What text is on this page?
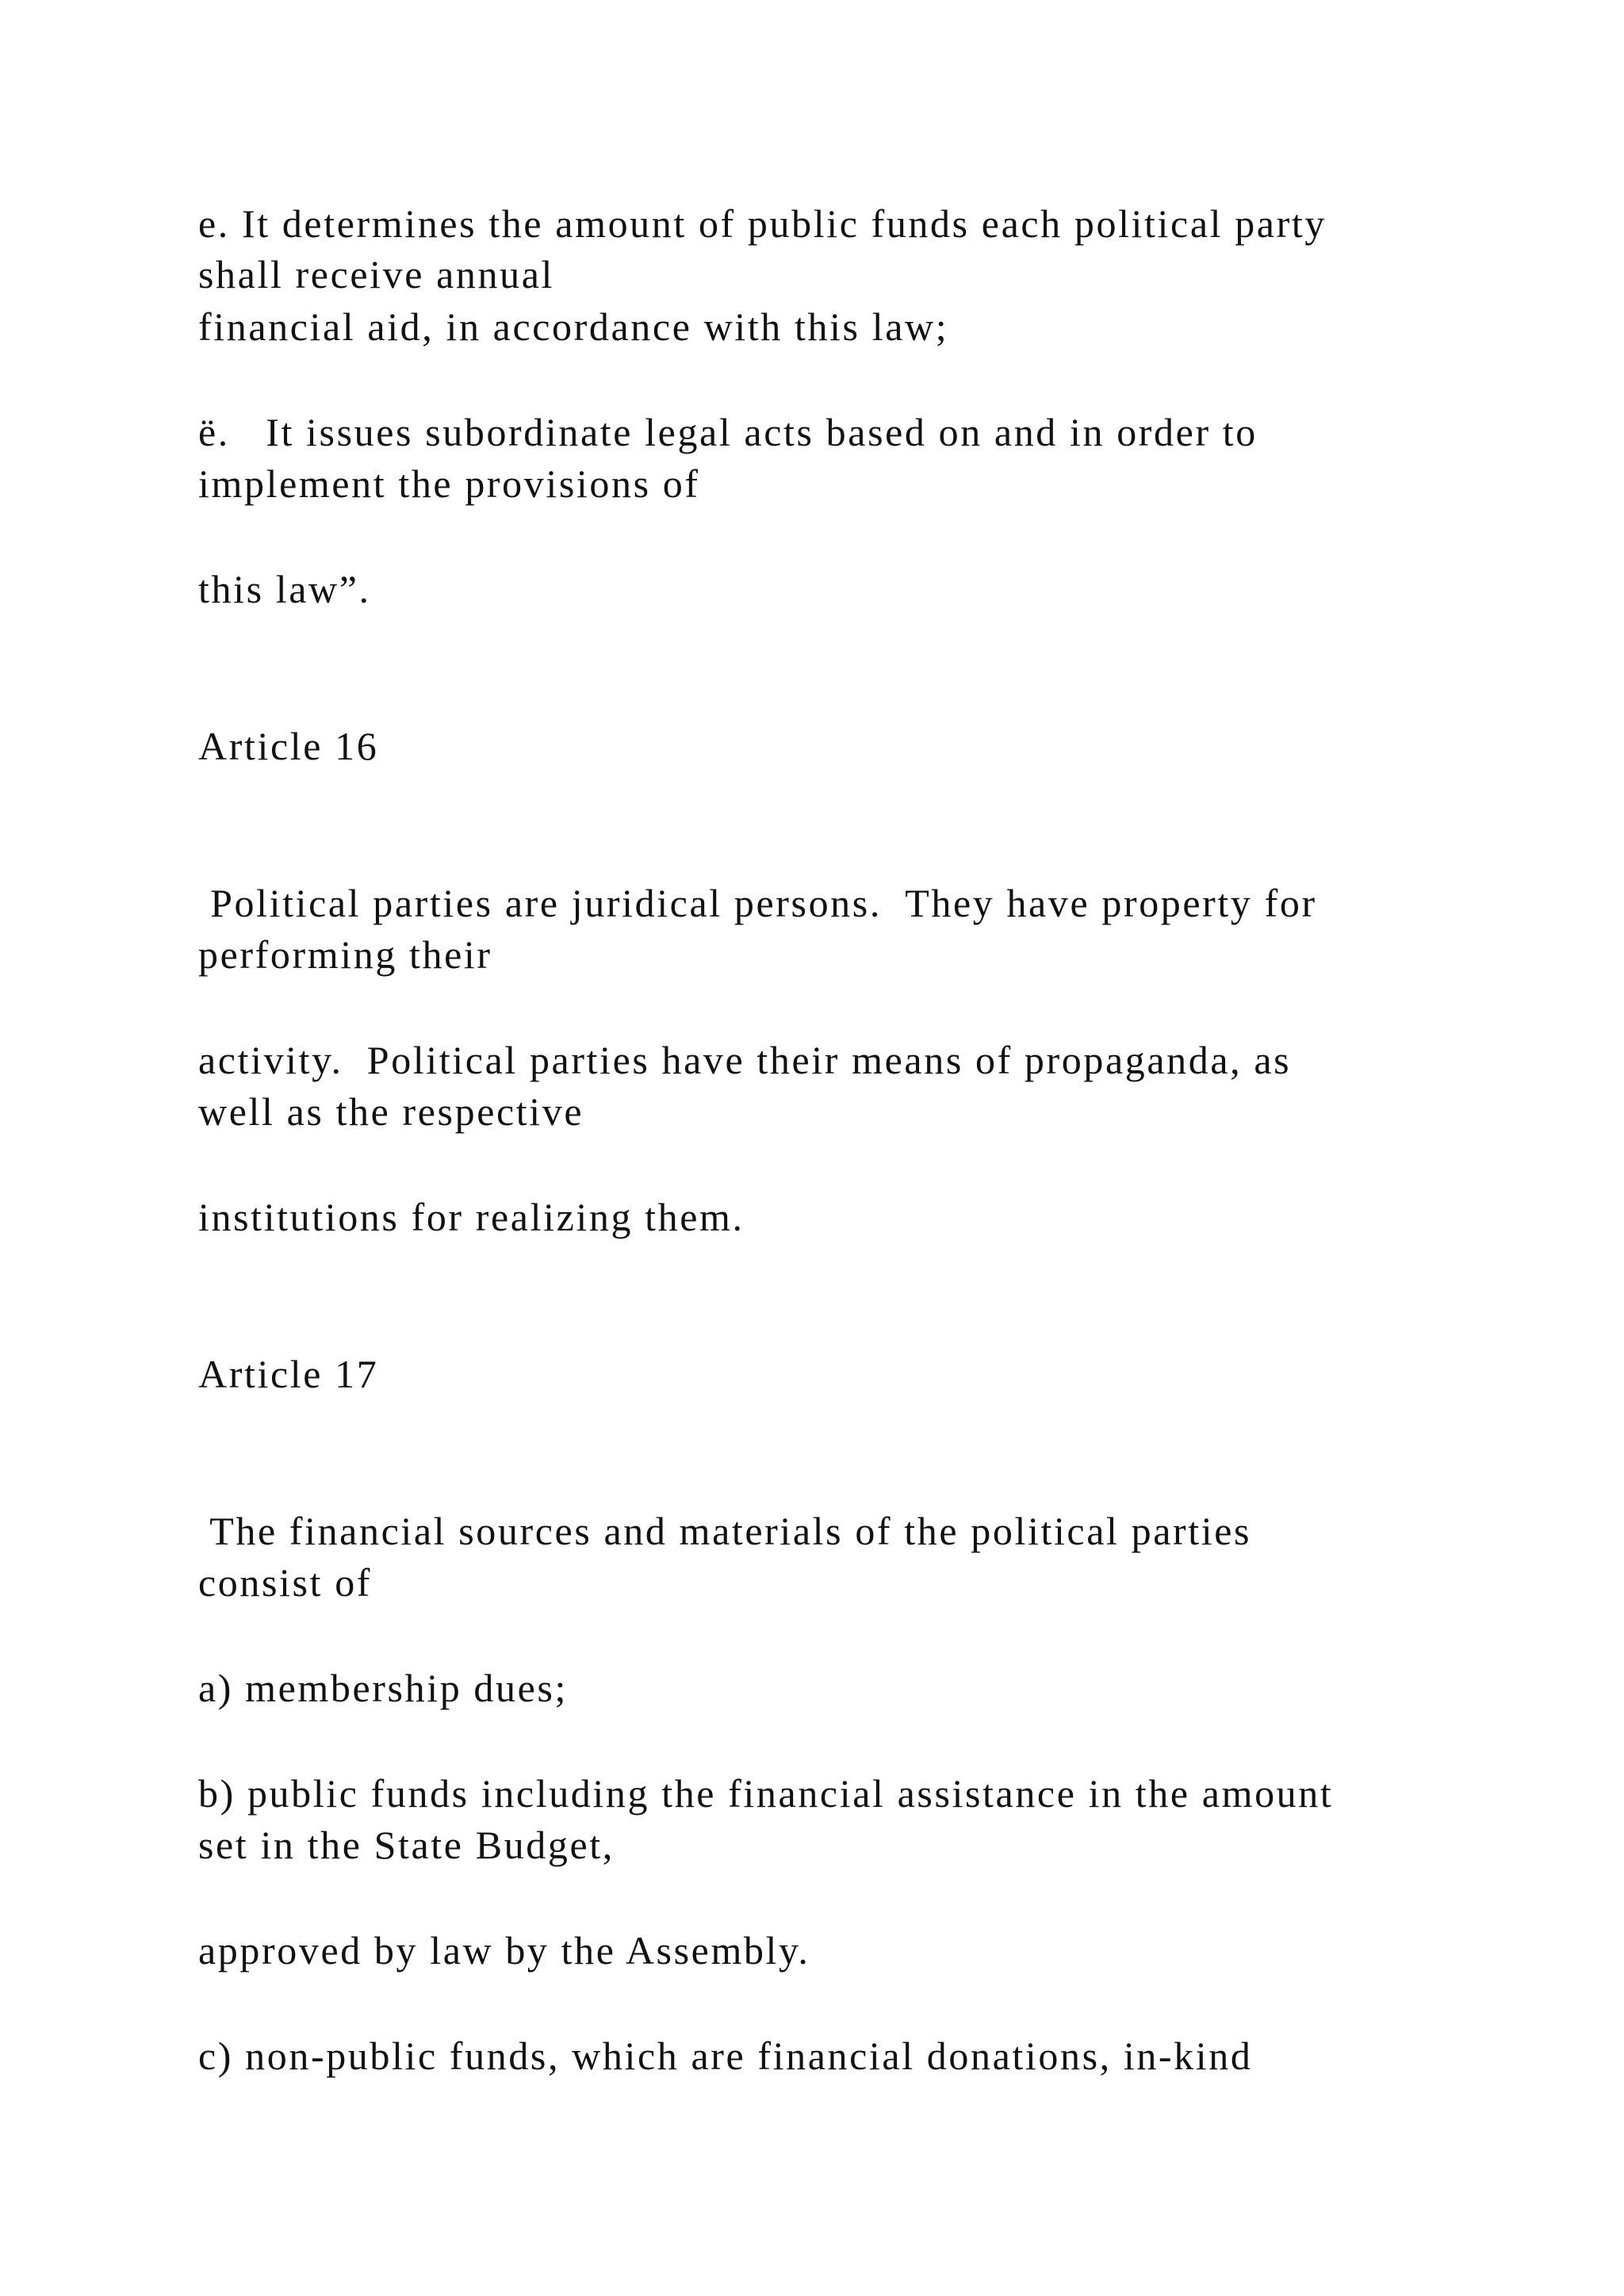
e. It determines the amount of public funds each political party

shall receive annual

financial aid, in accordance with this law;

ë.   It issues subordinate legal acts based on and in order to

implement the provisions of

this law”.

Article 16

Political parties are juridical persons.  They have property for

performing their

activity.  Political parties have their means of propaganda, as

well as the respective

institutions for realizing them.

Article 17

The financial sources and materials of the political parties

consist of

a) membership dues;

b) public funds including the financial assistance in the amount

set in the State Budget,

approved by law by the Assembly.

c) non-public funds, which are financial donations, in-kind
